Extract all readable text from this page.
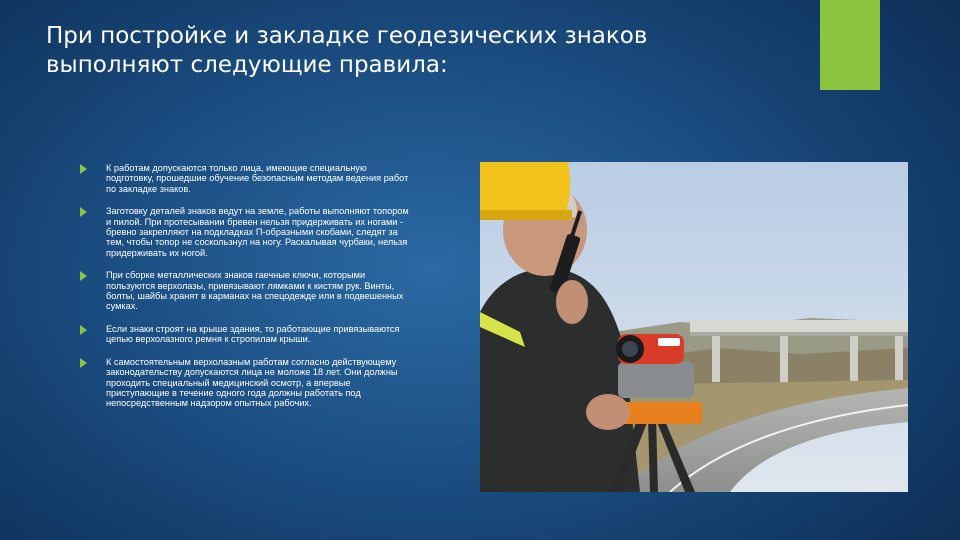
При постройке и закладке геодезических знаков
выполняют следующие правила:
К работам допускаются только лица, имеющие специальную подготовку, прошедшие обучение безопасным методам ведения работ по закладке знаков.
Заготовку деталей знаков ведут на земле, работы выполняют топором и пилой. При протесывании бревен нельзя придерживать их ногами - бревно закрепляют на подкладках П-образными скобами, следят за тем, чтобы топор не соскользнул на ногу. Раскалывая чурбаки, нельзя придерживать их ногой.
При сборке металлических знаков гаечные ключи, которыми пользуются верхолазы, привязывают лямками к кистям рук. Винты, болты, шайбы хранят в карманах на спецодежде или в подвешенных сумках.
Если знаки строят на крыше здания, то работающие привязываются цепью верхолазного ремня к стропилам крыши.
К самостоятельным верхолазным работам согласно действующему законодательству допускаются лица не моложе 18 лет. Они должны проходить специальный медицинский осмотр, а впервые приступающие в течение одного года должны работать под непосредственным надзором опытных рабочих.
